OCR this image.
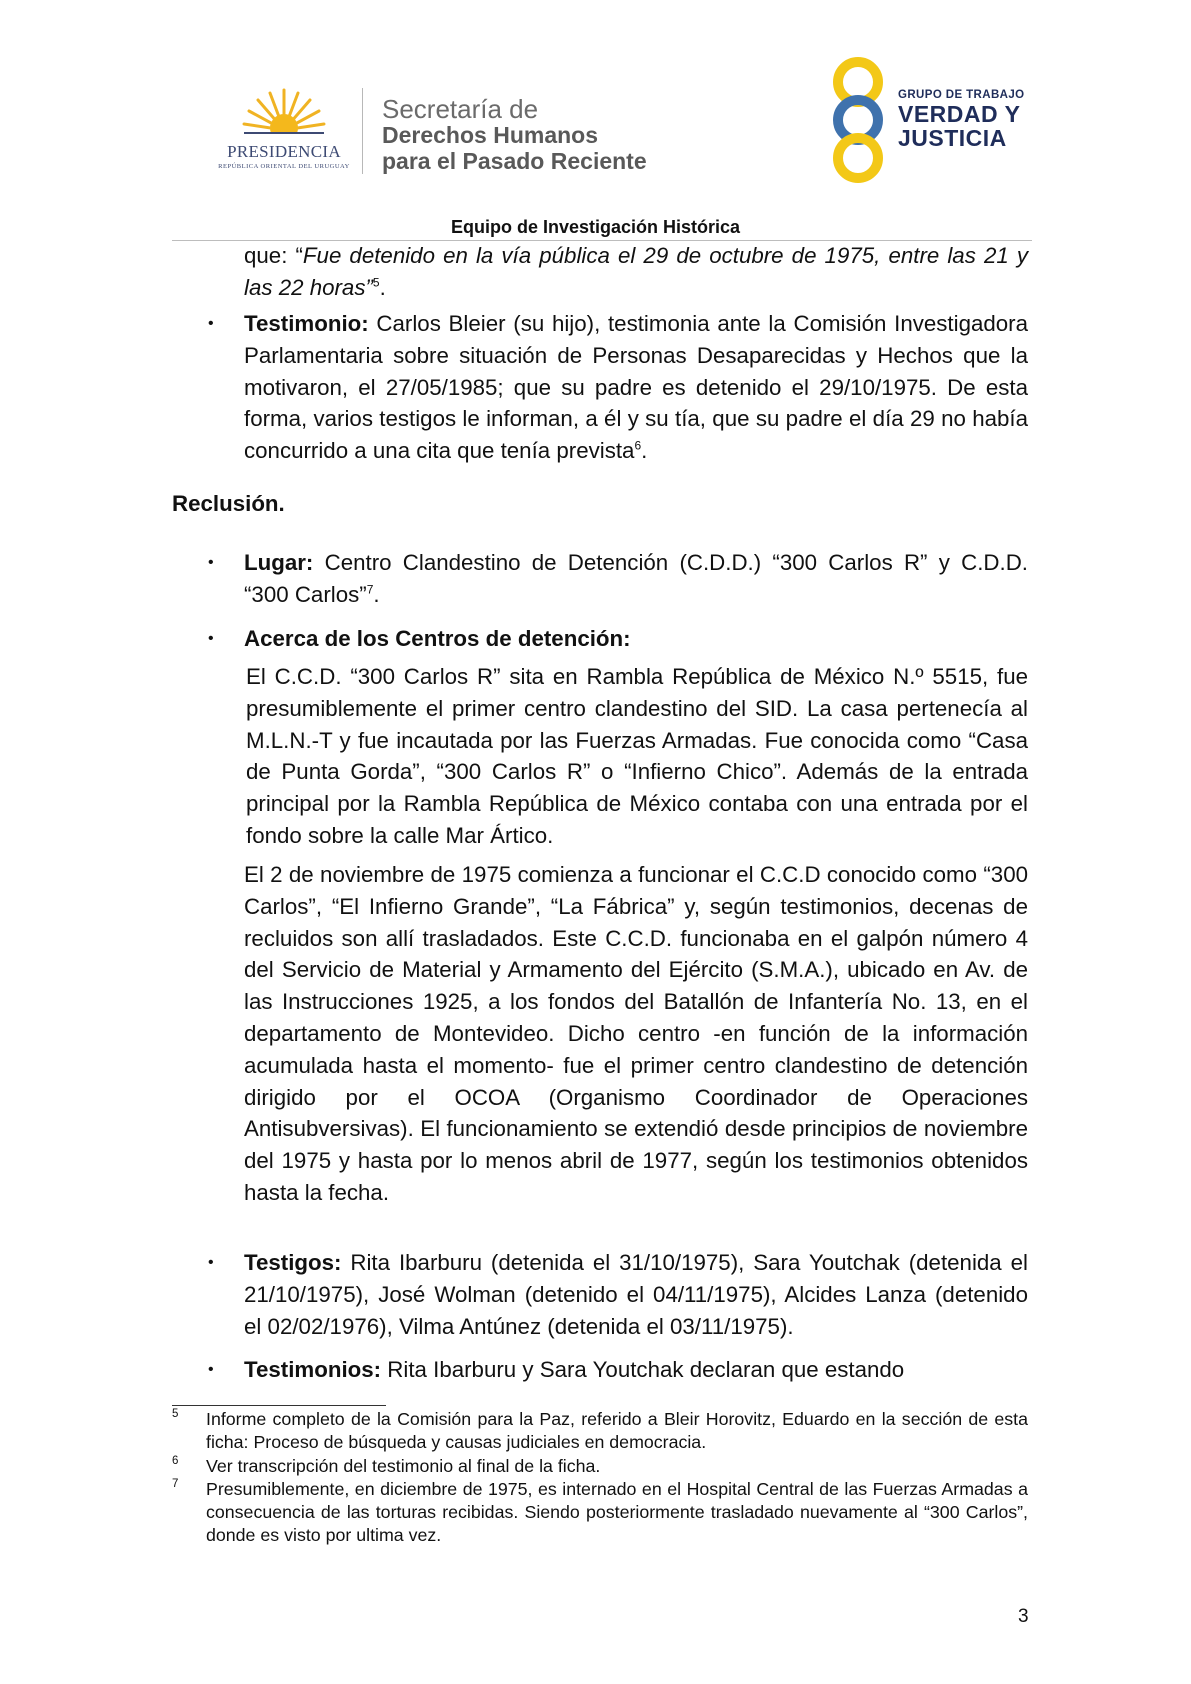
PRESIDENCIA
REPÚBLICA ORIENTAL DEL URUGUAY
Secretaría de
Derechos Humanos
para el Pasado Reciente
GRUPO DE TRABAJO
VERDAD Y
JUSTICIA
Equipo de Investigación Histórica
que: “Fue detenido en la vía pública el 29 de octubre de 1975, entre las 21 y las 22 horas”$^5$.
• Testimonio: Carlos Bleier (su hijo), testimonia ante la Comisión Investigadora Parlamentaria sobre situación de Personas Desaparecidas y Hechos que la motivaron, el 27/05/1985; que su padre es detenido el 29/10/1975. De esta forma, varios testigos le informan, a él y su tía, que su padre el día 29 no había concurrido a una cita que tenía prevista$^6$.
Reclusión.
• Lugar: Centro Clandestino de Detención (C.D.D.) “300 Carlos R” y C.D.D. “300 Carlos”$^7$.
• Acerca de los Centros de detención:
El C.C.D. “300 Carlos R” sita en Rambla República de México N.º 5515, fue presumiblemente el primer centro clandestino del SID. La casa pertenecía al M.L.N.-T y fue incautada por las Fuerzas Armadas. Fue conocida como “Casa de Punta Gorda”, “300 Carlos R” o “Infierno Chico”. Además de la entrada principal por la Rambla República de México contaba con una entrada por el fondo sobre la calle Mar Ártico.
El 2 de noviembre de 1975 comienza a funcionar el C.C.D conocido como “300 Carlos”, “El Infierno Grande”, “La Fábrica” y, según testimonios, decenas de recluidos son allí trasladados. Este C.C.D. funcionaba en el galpón número 4 del Servicio de Material y Armamento del Ejército (S.M.A.), ubicado en Av. de las Instrucciones 1925, a los fondos del Batallón de Infantería No. 13, en el departamento de Montevideo. Dicho centro -en función de la información acumulada hasta el momento- fue el primer centro clandestino de detención dirigido por el OCOA (Organismo Coordinador de Operaciones Antisubversivas). El funcionamiento se extendió desde principios de noviembre del 1975 y hasta por lo menos abril de 1977, según los testimonios obtenidos hasta la fecha.
• Testigos: Rita Ibarburu (detenida el 31/10/1975), Sara Youtchak (detenida el 21/10/1975), José Wolman (detenido el 04/11/1975), Alcides Lanza (detenido el 02/02/1976), Vilma Antúnez (detenida el 03/11/1975).
• Testimonios: Rita Ibarburu y Sara Youtchak declaran que estando
5 Informe completo de la Comisión para la Paz, referido a Bleir Horovitz, Eduardo en la sección de esta ficha: Proceso de búsqueda y causas judiciales en democracia.
6 Ver transcripción del testimonio al final de la ficha.
7 Presumiblemente, en diciembre de 1975, es internado en el Hospital Central de las Fuerzas Armadas a consecuencia de las torturas recibidas. Siendo posteriormente trasladado nuevamente al “300 Carlos”, donde es visto por ultima vez.
3
